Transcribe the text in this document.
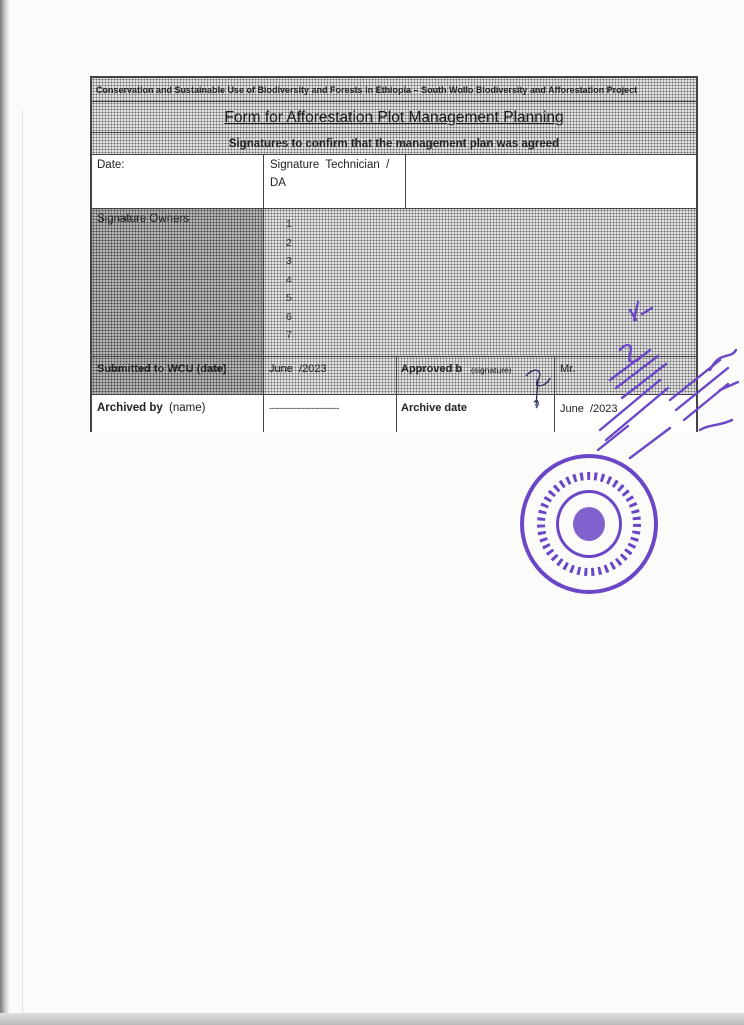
Conservation and Sustainable Use of Biodiversity and Forests in Ethiopia – South Wollo Biodiversity and Afforestation Project
Form for Afforestation Plot Management Planning
Signatures to confirm that the management plan was agreed
Date:	Signature  Technician  /
DA
Signature Owners	1
2
3
4
5
6
7
Submitted to WCU (date)	June  /2023	Approved b (signature)	Mr.
Archived by (name)	----------------------------	Archive date	June  /2023
